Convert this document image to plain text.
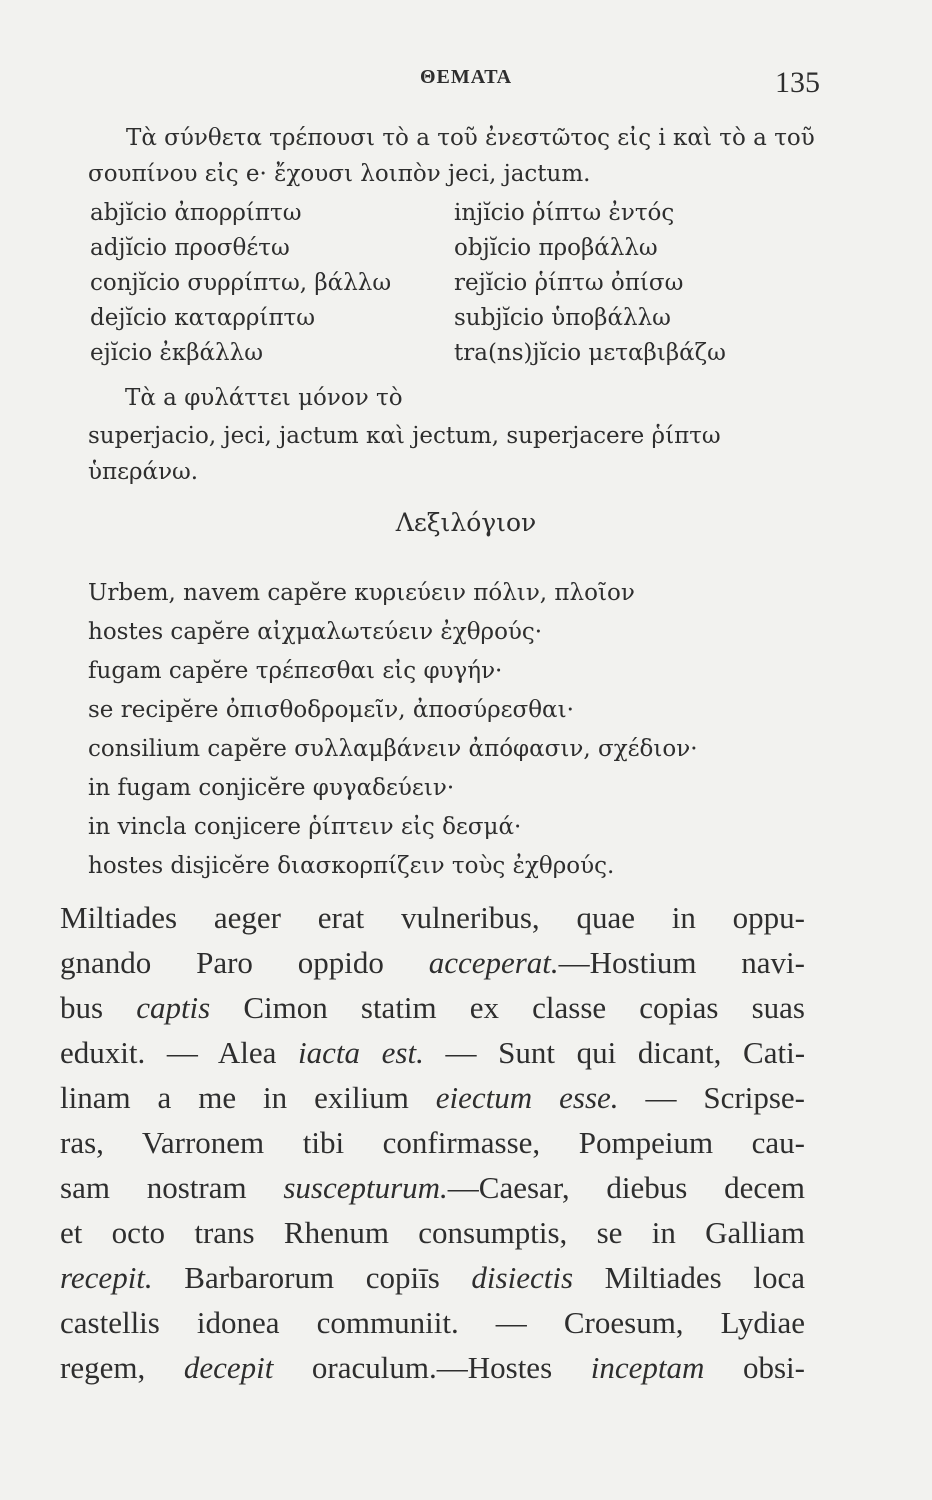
ΘΕΜΑΤΑ	135
Τὰ σύνθετα τρέπουσι τὸ a τοῦ ἐνεστῶτος εἰς i καὶ τὸ a τοῦ
σουπίνου εἰς e· ἔχουσι λοιπὸν jeci, jactum.
abjĭcio ἀπορρίπτω	injĭcio ῥίπτω ἐντός
adjĭcio προσθέτω	objĭcio προβάλλω
conjĭcio συρρίπτω, βάλλω	rejĭcio ῥίπτω ὀπίσω
dejĭcio καταρρίπτω	subjĭcio ὑποβάλλω
ejĭcio ἐκβάλλω	tra(ns)jĭcio μεταβιβάζω
Τὰ a φυλάττει μόνον τὸ
superjacio, jeci, jactum καὶ jectum, superjacere ῥίπτω
ὑπεράνω.
Λεξιλόγιον
Urbem, navem capĕre κυριεύειν πόλιν, πλοῖον
hostes capĕre αἰχμαλωτεύειν ἐχθρούς·
fugam capĕre τρέπεσθαι εἰς φυγήν·
se recipĕre ὀπισθοδρομεῖν, ἀποσύρεσθαι·
consilium capĕre συλλαμβάνειν ἀπόφασιν, σχέδιον·
in fugam conjicĕre φυγαδεύειν·
in vincla conjicere ῥίπτειν εἰς δεσμά·
hostes disjicĕre διασκορπίζειν τοὺς ἐχθρούς.
Miltiades aeger erat vulneribus, quae in oppu-
gnando Paro oppido acceperat.—Hostium navi-
bus captis Cimon statim ex classe copias suas
eduxit. — Alea iacta est. — Sunt qui dicant, Cati-
linam a me in exilium eiectum esse. — Scripse-
ras, Varronem tibi confirmasse, Pompeium cau-
sam nostram suscepturum.—Caesar, diebus decem
et octo trans Rhenum consumptis, se in Galliam
recepit. Barbarorum copiīs disiectis Miltiades loca
castellis idonea communiit. — Croesum, Lydiae
regem, decepit oraculum.—Hostes inceptam obsi-
